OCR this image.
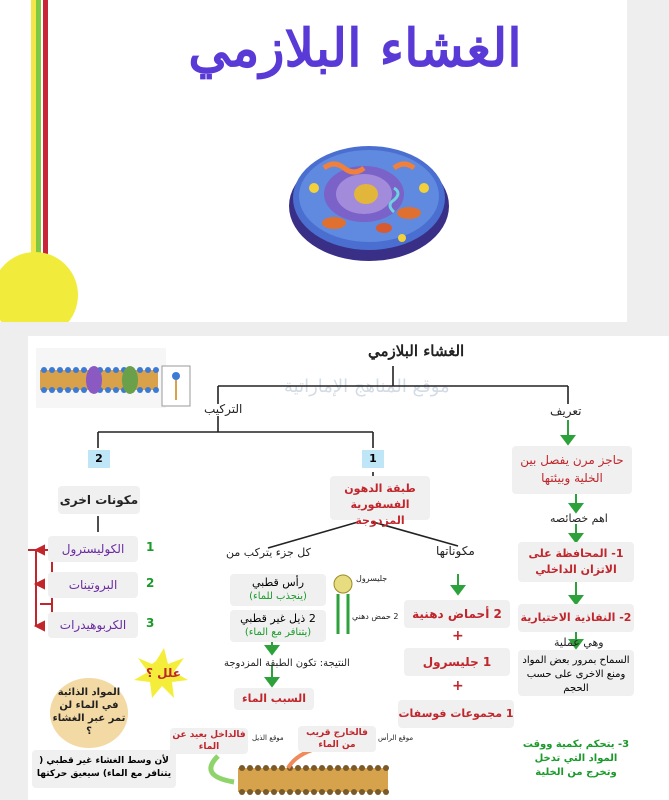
الغشاء البلازمي
موقع المناهج الإماراتية
الغشاء البلازمي
تعريف
التركيب
1
2	حاجز مرن يفصل بين الخلية وبيئتها
اهم خصائصه
1- المحافظة على الاتزان الداخلي
2- النفاذية الاختيارية
وهي عملية
السماح بمرور بعض المواد ومنع الاخرى على حسب الحجم
3- يتحكم بكمية ووقت المواد التي تدخل وتخرج من الخلية
طبقة الدهون الفسفورية المزدوجة
مكوناتها
2 أحماض دهنية
+
1 جليسرول
+
1 مجموعات فوسفات
كل جزء يتركب من
رأس قطبي
(ينجذب للماء)
2 ذيل غير قطبي
(يتنافر مع الماء)
جليسرول
2 حمض دهني
النتيجة: تكون الطبقة المزدوجة
السبب الماء
مكونات اخرى
الكوليسترول	1
البروتينات	2
الكربوهيدرات	3
علل ؟
المواد الذائبة في الماء لن تمر عبر الغشاء ؟
لأن وسط الغشاء غير قطبي ( يتنافر مع الماء) سيعيق حركتها
فالداخل بعيد عن الماء
موقع الذيل	فالخارج قريب من الماء
موقع الرأس
